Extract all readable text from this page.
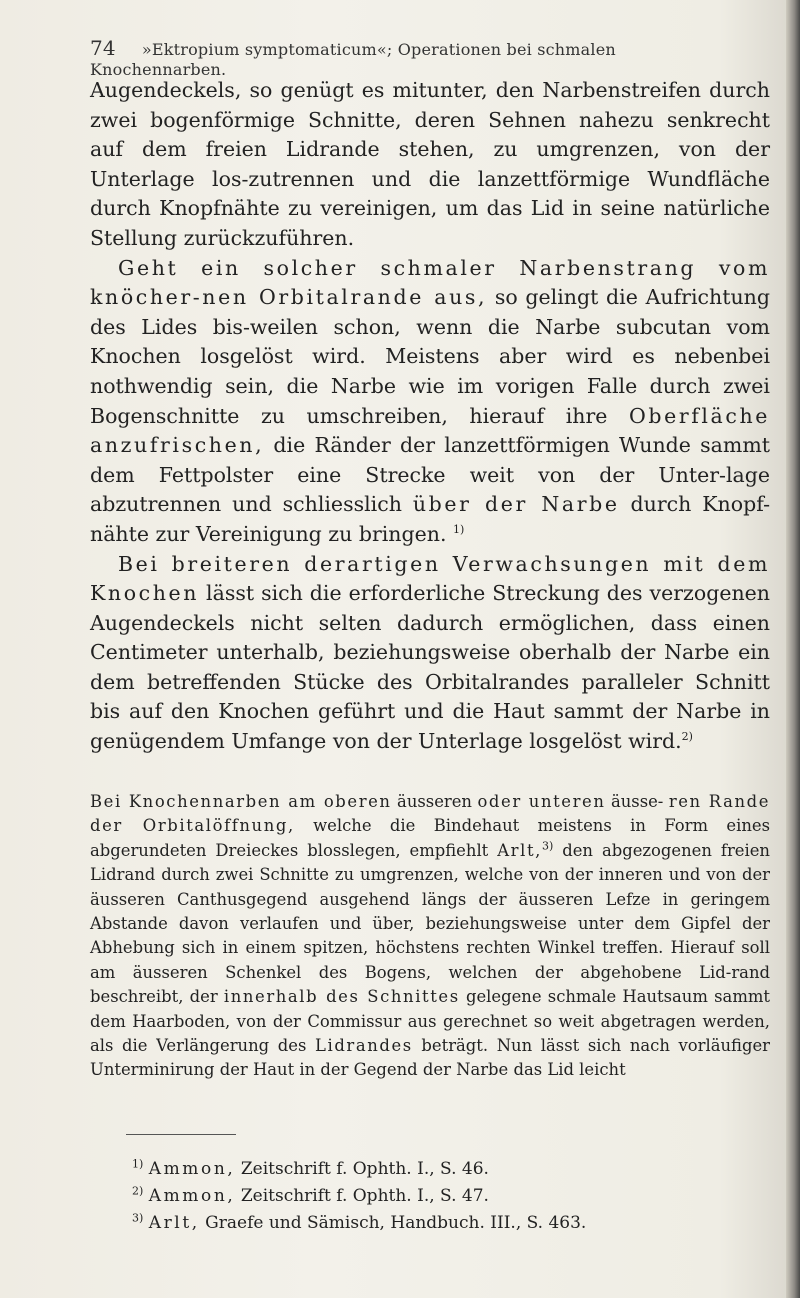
74 »Ektropium symptomaticum«; Operationen bei schmalen Knochennarben.

Augendeckels, so genügt es mitunter, den Narbenstreifen durch zwei bogenförmige Schnitte, deren Sehnen nahezu senkrecht auf dem freien Lidrande stehen, zu umgrenzen, von der Unterlage los-zutrennen und die lanzettförmige Wundfläche durch Knopfnähte zu vereinigen, um das Lid in seine natürliche Stellung zurückzuführen.

Geht ein solcher schmaler Narbenstrang vom knöcher-nen Orbitalrande aus, so gelingt die Aufrichtung des Lides bis-weilen schon, wenn die Narbe subcutan vom Knochen losgelöst wird. Meistens aber wird es nebenbei nothwendig sein, die Narbe wie im vorigen Falle durch zwei Bogenschnitte zu umschreiben, hierauf ihre Oberfläche anzufrischen, die Ränder der lanzettförmigen Wunde sammt dem Fettpolster eine Strecke weit von der Unter-lage abzutrennen und schliesslich über der Narbe durch Knopf-nähte zur Vereinigung zu bringen. $^{1)}$

Bei breiteren derartigen Verwachsungen mit dem Knochen lässt sich die erforderliche Streckung des verzogenen Augendeckels nicht selten dadurch ermöglichen, dass einen Centimeter unterhalb, beziehungsweise oberhalb der Narbe ein dem betreffenden Stücke des Orbitalrandes paralleler Schnitt bis auf den Knochen geführt und die Haut sammt der Narbe in genügendem Umfange von der Unterlage losgelöst wird.$^{2)}$

Bei Knochennarben am oberen äusseren oder unteren äusse- ren Rande der Orbitalöffnung, welche die Bindehaut meistens in Form eines abgerundeten Dreieckes blosslegen, empfiehlt Arlt,$^{3)}$ den abgezogenen freien Lidrand durch zwei Schnitte zu umgrenzen, welche von der inneren und von der äusseren Canthusgegend ausgehend längs der äusseren Lefze in geringem Abstande davon verlaufen und über, beziehungsweise unter dem Gipfel der Abhebung sich in einem spitzen, höchstens rechten Winkel treffen. Hierauf soll am äusseren Schenkel des Bogens, welchen der abgehobene Lid-rand beschreibt, der innerhalb des Schnittes gelegene schmale Hautsaum sammt dem Haarboden, von der Commissur aus gerechnet so weit abgetragen werden, als die Verlängerung des Lidrandes beträgt. Nun lässt sich nach vorläufiger Unterminirung der Haut in der Gegend der Narbe das Lid leicht
$^{1)}$ Ammon, Zeitschrift f. Ophth. I., S. 46.
$^{2)}$ Ammon, Zeitschrift f. Ophth. I., S. 47.
$^{3)}$ Arlt, Graefe und Sämisch, Handbuch. III., S. 463.
